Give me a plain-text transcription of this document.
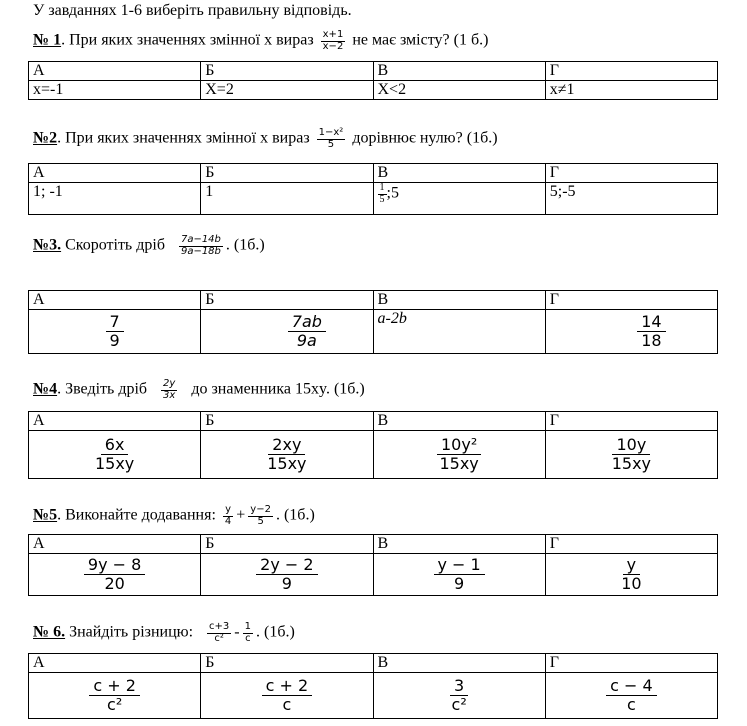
У завданнях 1-6 виберіть правильну відповідь.
№ 1. При яких значеннях змінної х вираз $\frac{x+1}{x-2}$ не має змісту? (1 б.)
А	Б	В	Г
х=-1	Х=2	Х<2	х≠1
№2. При яких значеннях змінної х вираз $\frac{\text{1−x²}}{5}$ дорівнює нулю? (1б.)
А	Б	В	Г
1; -1	1	$\frac{1}{5}$ ;5	5;-5
№3. Скоротіть дріб $\frac{7a-14b}{9a-18b}$ . (1б.)
А	Б	В	Г

$\frac{7}{9}$	$\frac{7ab}{9a}$	a-2b	$\frac{14}{18}$
№4. Зведіть дріб $\frac{2y}{3x}$ до знаменника 15xy. (1б.)
А	Б	В	Г

$\frac{6x}{15xy}$	$\frac{2xy}{15xy}$	$\frac{\text{10y²}}{15xy}$	$\frac{10y}{15xy}$
№5. Виконайте додавання: $\frac{y}{4} + \frac{y-2}{5}$ . (1б.)
А	Б	В	Г

$\frac{9y - 8}{20}$	$\frac{2y - 2}{9}$	$\frac{y - 1}{9}$	$\frac{y}{10}$
№ 6. Знайдіть різницю: $\frac{c+3}{\text{c²}} - \frac{1}{c}$ . (1б.)
А	Б	В	Г

$\frac{c + 2}{\text{c²}}$	$\frac{c + 2}{c}$	$\frac{3}{\text{c²}}$	$\frac{c - 4}{c}$
